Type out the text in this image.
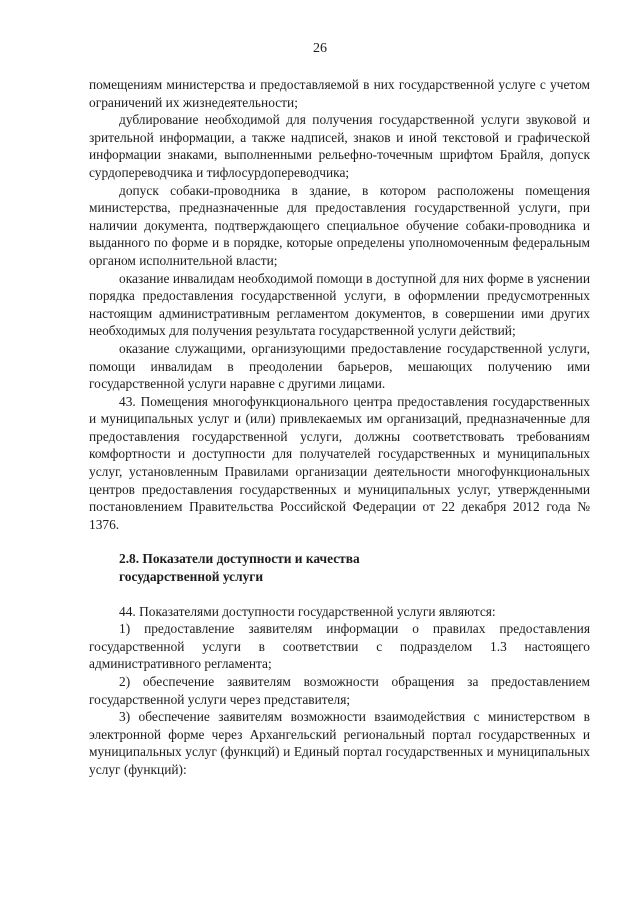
26

помещениям министерства и предоставляемой в них государственной услуге с учетом ограничений их жизнедеятельности;

дублирование необходимой для получения государственной услуги звуковой и зрительной информации, а также надписей, знаков и иной текстовой и графической информации знаками, выполненными рельефно-точечным шрифтом Брайля, допуск сурдопереводчика и тифлосурдопереводчика;

допуск собаки-проводника в здание, в котором расположены помещения министерства, предназначенные для предоставления государственной услуги, при наличии документа, подтверждающего специальное обучение собаки-проводника и выданного по форме и в порядке, которые определены уполномоченным федеральным органом исполнительной власти;

оказание инвалидам необходимой помощи в доступной для них форме в уяснении порядка предоставления государственной услуги, в оформлении предусмотренных настоящим административным регламентом документов, в совершении ими других необходимых для получения результата государственной услуги действий;

оказание служащими, организующими предоставление государственной услуги, помощи инвалидам в преодолении барьеров, мешающих получению ими государственной услуги наравне с другими лицами.

43. Помещения многофункционального центра предоставления государственных и муниципальных услуг и (или) привлекаемых им организаций, предназначенные для предоставления государственной услуги, должны соответствовать требованиям комфортности и доступности для получателей государственных и муниципальных услуг, установленным Правилами организации деятельности многофункциональных центров предоставления государственных и муниципальных услуг, утвержденными постановлением Правительства Российской Федерации от 22 декабря 2012 года № 1376.

2.8. Показатели доступности и качества

государственной услуги

44. Показателями доступности государственной услуги являются:

1) предоставление заявителям информации о правилах предоставления государственной услуги в соответствии с подразделом 1.3 настоящего административного регламента;

2) обеспечение заявителям возможности обращения за предоставлением государственной услуги через представителя;

3) обеспечение заявителям возможности взаимодействия с министерством в электронной форме через Архангельский региональный портал государственных и муниципальных услуг (функций) и Единый портал государственных и муниципальных услуг (функций):
